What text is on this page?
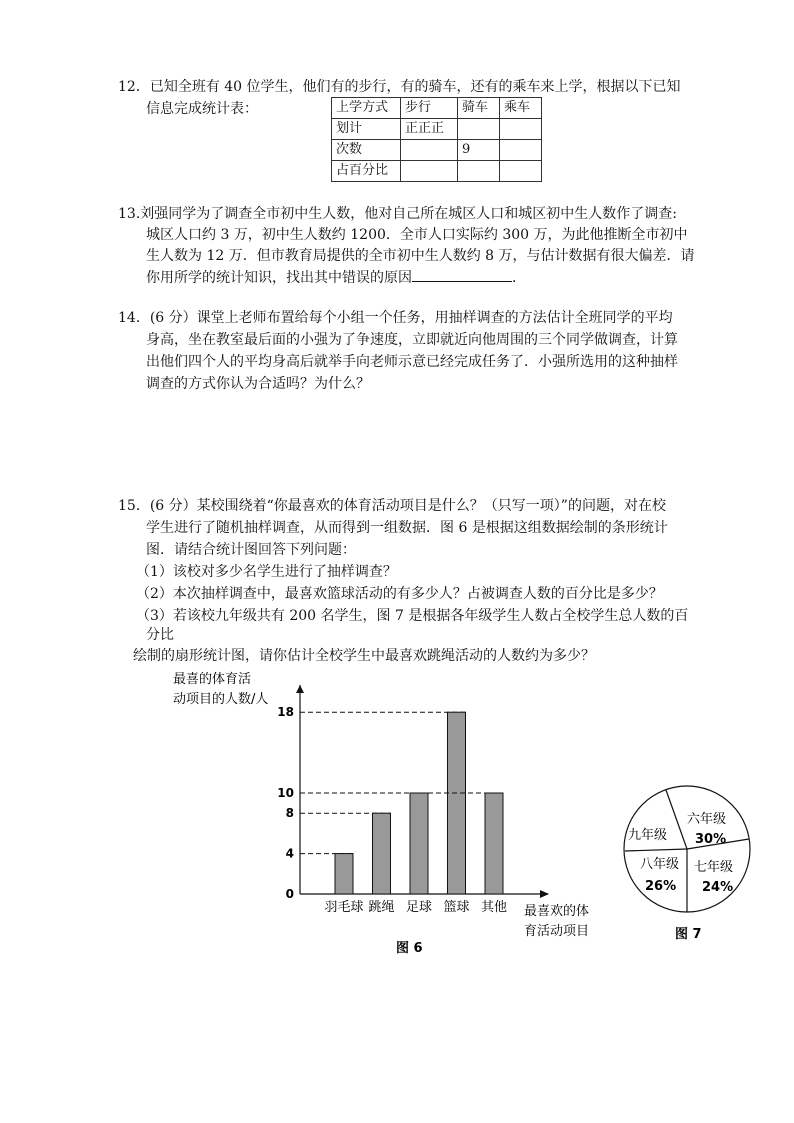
12．已知全班有 40 位学生，他们有的步行，有的骑车，还有的乘车来上学，根据以下已知
信息完成统计表：	上学方式	步行	骑车	乘车
划计	正正正		
次数		9	
占百分比			
13.刘强同学为了调查全市初中生人数，他对自己所在城区人口和城区初中生人数作了调查:
城区人口约 3 万，初中生人数约 1200．全市人口实际约 300 万，为此他推断全市初中
生人数为 12 万．但市教育局提供的全市初中生人数约 8 万，与估计数据有很大偏差．请
你用所学的统计知识，找出其中错误的原因	．
14．(6 分）课堂上老师布置给每个小组一个任务，用抽样调查的方法估计全班同学的平均
身高，坐在教室最后面的小强为了争速度，立即就近向他周围的三个同学做调查，计算
出他们四个人的平均身高后就举手向老师示意已经完成任务了．小强所选用的这种抽样
调查的方式你认为合适吗？为什么？
15．(6 分）某校围绕着“你最喜欢的体育活动项目是什么？（只写一项）”的问题，对在校
学生进行了随机抽样调查，从而得到一组数据．图 6 是根据这组数据绘制的条形统计
图．请结合统计图回答下列问题：
（1）该校对多少名学生进行了抽样调查？
（2）本次抽样调查中，最喜欢篮球活动的有多少人？占被调查人数的百分比是多少？
（3）若该校九年级共有 200 名学生，图 7 是根据各年级学生人数占全校学生总人数的百
分比
绘制的扇形统计图，请你估计全校学生中最喜欢跳绳活动的人数约为多少？
最喜的体育活
动项目的人数/人
0
4
8
10
18
羽毛球 跳绳 足球 篮球 其他 最喜欢的体
育活动项目
图 6
六年级
30%
七年级
24%
八年级
26%
九年级
图 7
